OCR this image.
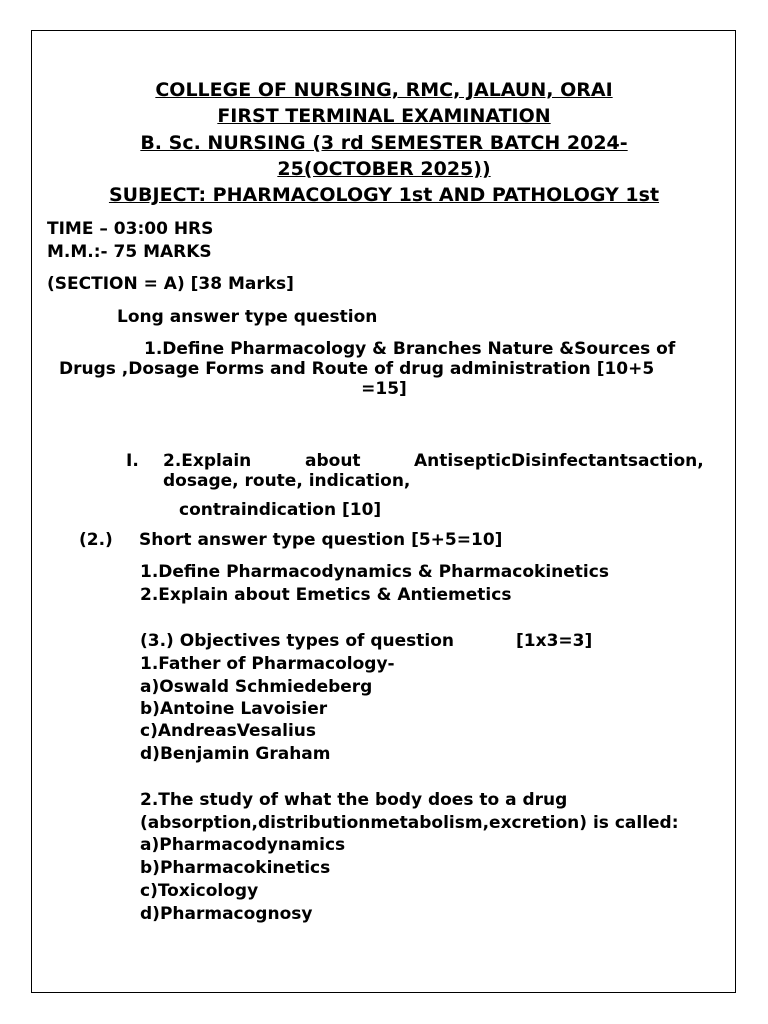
COLLEGE OF NURSING, RMC, JALAUN, ORAI
FIRST TERMINAL EXAMINATION
B. Sc. NURSING (3 rd SEMESTER BATCH 2024-
25(OCTOBER 2025))
SUBJECT: PHARMACOLOGY 1st AND PATHOLOGY 1st
TIME – 03:00 HRS
M.M.:- 75 MARKS
(SECTION = A) [38 Marks]
Long answer type question
1.Define Pharmacology & Branches Nature &Sources of
Drugs ,Dosage Forms and Route of drug administration [10+5
=15]
I. 2.Explain	about	AntisepticDisinfectantsaction,
dosage, route, indication,
contraindication [10]
(2.) Short answer type question [5+5=10]
1.Define Pharmacodynamics & Pharmacokinetics
2.Explain about Emetics & Antiemetics
(3.) Objectives types of question	[1x3=3]
1.Father of Pharmacology-
a)Oswald Schmiedeberg
b)Antoine Lavoisier
c)AndreasVesalius
d)Benjamin Graham
2.The study of what the body does to a drug
(absorption,distributionmetabolism,excretion) is called:
a)Pharmacodynamics
b)Pharmacokinetics
c)Toxicology
d)Pharmacognosy
